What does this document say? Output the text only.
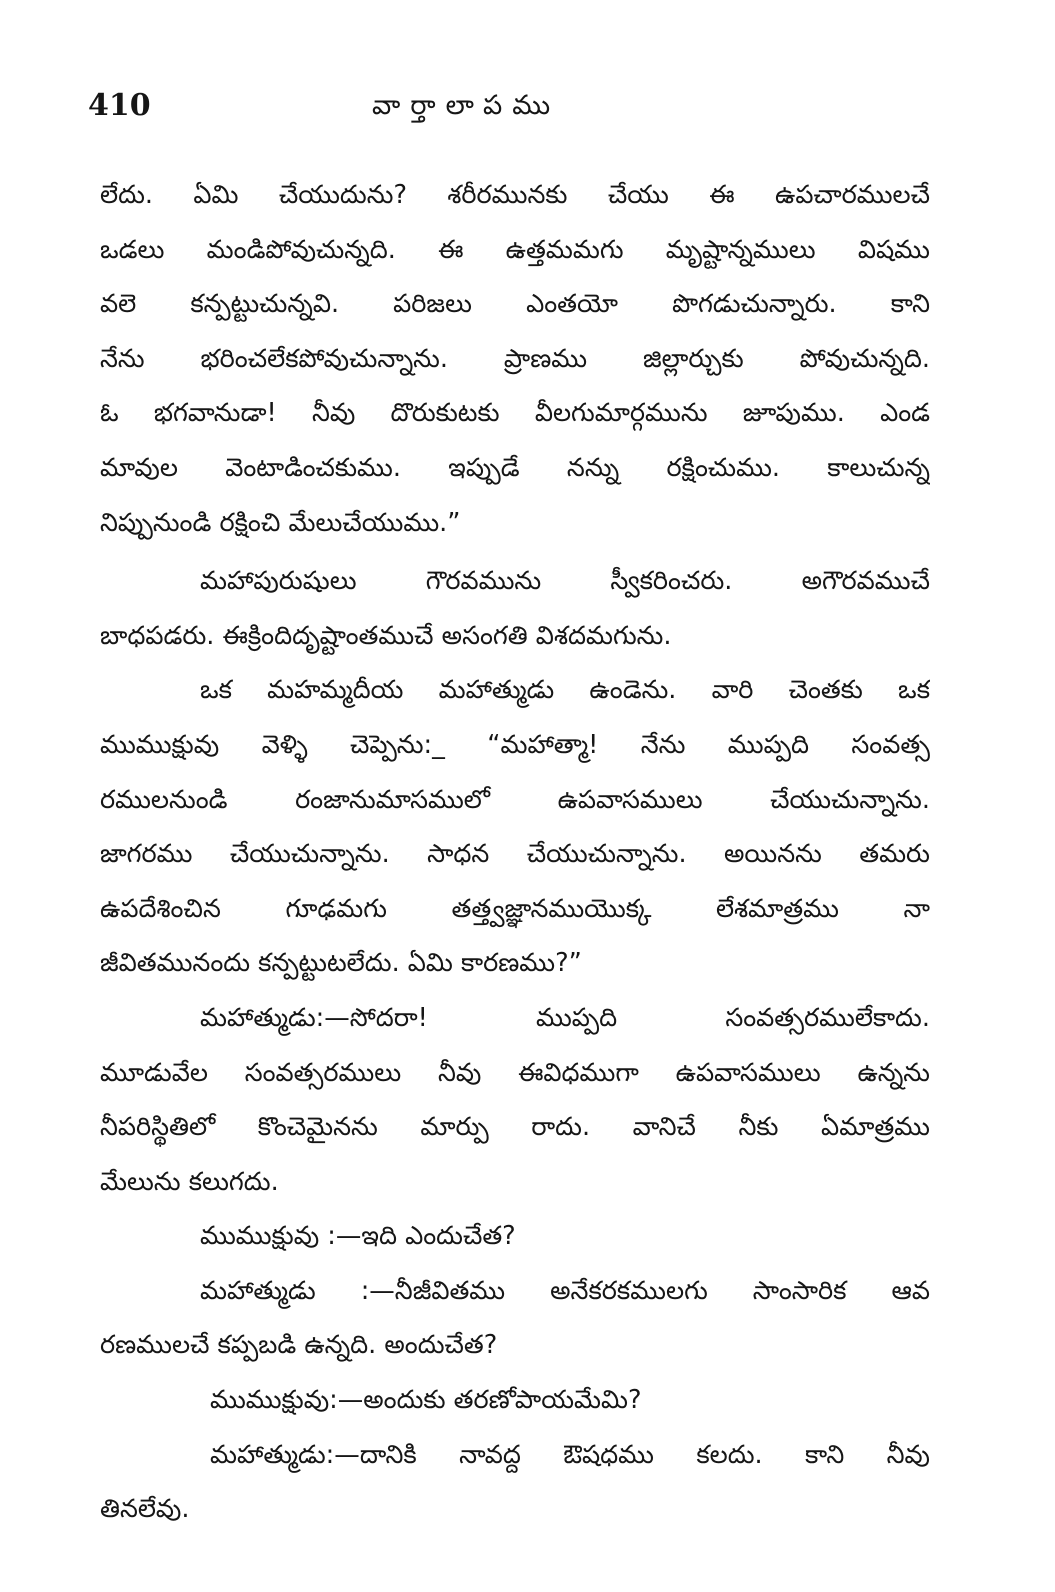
410	వార్తాలాపము
లేదు. ఏమి చేయుదును? శరీరమునకు చేయు ఈ ఉపచారములచే
ఒడలు మండిపోవుచున్నది. ఈ ఉత్తమమగు మృష్టాన్నములు విషము
వలె కన్పట్టుచున్నవి. పరిజలు ఎంతయో పొగడుచున్నారు. కాని
నేను భరించలేకపోవుచున్నాను. ప్రాణము జిల్లార్చుకు పోవుచున్నది.
ఓ భగవానుడా! నీవు దొరుకుటకు వీలగుమార్గమును జూపుము. ఎండ
మావుల వెంటాడించకుము. ఇప్పుడే నన్ను రక్షించుము. కాలుచున్న
నిప్పునుండి రక్షించి మేలుచేయుము.”
మహాపురుషులు గౌరవమును స్వీకరించరు. అగౌరవముచే
బాధపడరు. ఈక్రిందిదృష్టాంతముచే అసంగతి విశదమగును.
ఒక మహమ్మదీయ మహాత్ముడు ఉండెను. వారి చెంతకు ఒక
ముముక్షువు వెళ్ళి చెప్పెను:_ “మహాత్మా! నేను ముప్పది సంవత్స
రములనుండి రంజానుమాసములో ఉపవాసములు చేయుచున్నాను.
జాగరము చేయుచున్నాను. సాధన చేయుచున్నాను. అయినను తమరు
ఉపదేశించిన గూఢమగు తత్త్వజ్ఞానముయొక్క లేశమాత్రము నా
జీవితమునందు కన్పట్టుటలేదు. ఏమి కారణము?”
మహాత్ముడు:—సోదరా! ముప్పది సంవత్సరములేకాదు.
మూడువేల సంవత్సరములు నీవు ఈవిధముగా ఉపవాసములు ఉన్నను
నీపరిస్థితిలో కొంచెమైనను మార్పు రాదు. వానిచే నీకు ఏమాత్రము
మేలును కలుగదు.
ముముక్షువు :—ఇది ఎందుచేత?
మహాత్ముడు :—నీజీవితము అనేకరకములగు సాంసారిక ఆవ
రణములచే కప్పబడి ఉన్నది. అందుచేత?
ముముక్షువు:—అందుకు తరణోపాయమేమి?
మహాత్ముడు:—దానికి నావద్ద ఔషధము కలదు. కాని నీవు
తినలేవు.
